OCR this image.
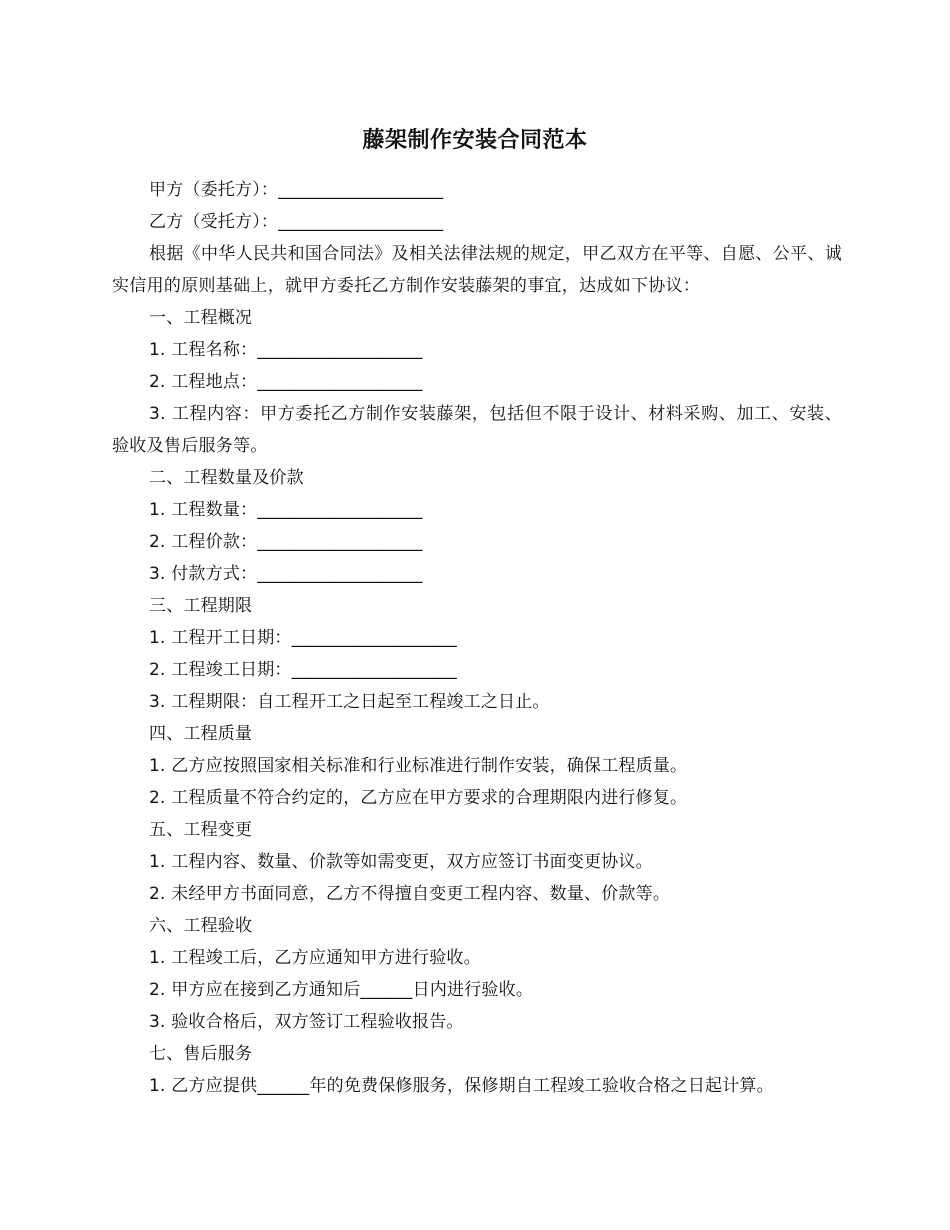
藤架制作安装合同范本
甲方（委托方）：___________________
乙方（受托方）：___________________
根据《中华人民共和国合同法》及相关法律法规的规定，甲乙双方在平等、自愿、公平、诚实信用的原则基础上，就甲方委托乙方制作安装藤架的事宜，达成如下协议：
一、工程概况
1. 工程名称：___________________
2. 工程地点：___________________
3. 工程内容：甲方委托乙方制作安装藤架，包括但不限于设计、材料采购、加工、安装、验收及售后服务等。
二、工程数量及价款
1. 工程数量：___________________
2. 工程价款：___________________
3. 付款方式：___________________
三、工程期限
1. 工程开工日期：___________________
2. 工程竣工日期：___________________
3. 工程期限：自工程开工之日起至工程竣工之日止。
四、工程质量
1. 乙方应按照国家相关标准和行业标准进行制作安装，确保工程质量。
2. 工程质量不符合约定的，乙方应在甲方要求的合理期限内进行修复。
五、工程变更
1. 工程内容、数量、价款等如需变更，双方应签订书面变更协议。
2. 未经甲方书面同意，乙方不得擅自变更工程内容、数量、价款等。
六、工程验收
1. 工程竣工后，乙方应通知甲方进行验收。
2. 甲方应在接到乙方通知后______日内进行验收。
3. 验收合格后，双方签订工程验收报告。
七、售后服务
1. 乙方应提供______年的免费保修服务，保修期自工程竣工验收合格之日起计算。
